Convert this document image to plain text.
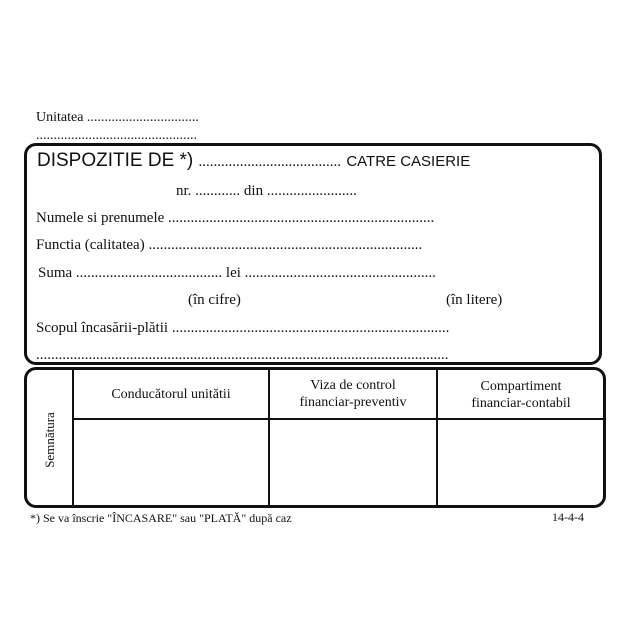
Unitatea ................................
..............................................
DISPOZITIE DE *) ...................................... CATRE CASIERIE
nr. ............ din ........................
Numele si prenumele .......................................................................
Functia (calitatea) .........................................................................
Suma ....................................... lei ...................................................
(în cifre)	(în litere)
Scopul încasării-plătii ..........................................................................
..............................................................................................................
Semnătura
Conducătorul unitătii
Viza de control
financiar-preventiv
Compartiment
financiar-contabil
*) Se va înscrie "ÎNCASARE" sau "PLATĂ" după caz	14-4-4
